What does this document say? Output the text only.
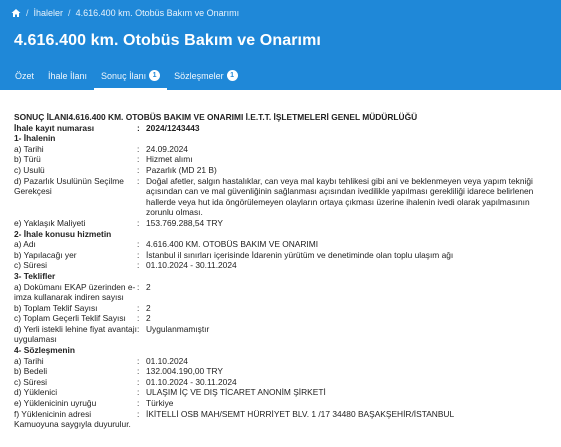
/ İhaleler / 4.616.400 km. Otobüs Bakım ve Onarımı
4.616.400 km. Otobüs Bakım ve Onarımı
Özet İhale İlanı Sonuç İlanı 1	Sözleşmeler 1
SONUÇ İLANI4.616.400 KM. OTOBÜS BAKIM VE ONARIMI İ.E.T.T. İŞLETMELERİ GENEL MÜDÜRLÜĞÜ
İhale kayıt numarası	: 2024/1243443
1- İhalenin
a) Tarihi	: 24.09.2024
b) Türü	: Hizmet alımı
c) Usulü	: Pazarlık (MD 21 B)
d) Pazarlık Usulünün Seçilme Gerekçesi
: Doğal afetler, salgın hastalıklar, can veya mal kaybı tehlikesi gibi ani ve beklenmeyen veya yapım tekniği açısından can ve mal güvenliğinin sağlanması açısından ivedilikle yapılması gerekliliği idarece belirlenen hallerde veya hut ida öngörülemeyen olayların ortaya çıkması üzerine ihalenin ivedi olarak yapılmasının zorunlu olması.
e) Yaklaşık Maliyeti	: 153.769.288,54 TRY
2- İhale konusu hizmetin
a) Adı	: 4.616.400 KM. OTOBÜS BAKIM VE ONARIMI
b) Yapılacağı yer	: İstanbul il sınırları içerisinde İdarenin yürütüm ve denetiminde olan toplu ulaşım ağı
c) Süresi	: 01.10.2024 - 30.11.2024
3- Teklifler
a) Dokümanı EKAP üzerinden e-imza kullanarak indiren sayısı
: 2
b) Toplam Teklif Sayısı	: 2
c) Toplam Geçerli Teklif Sayısı	: 2
d) Yerli istekli lehine fiyat avantajı uygulaması
: Uygulanmamıştır
4- Sözleşmenin
a) Tarihi	: 01.10.2024
b) Bedeli	: 132.004.190,00 TRY
c) Süresi	: 01.10.2024 - 30.11.2024
d) Yüklenici	: ULAŞIM İÇ VE DIŞ TİCARET ANONİM ŞİRKETİ
e) Yüklenicinin uyruğu	: Türkiye
f) Yüklenicinin adresi	: İKİTELLİ OSB MAH/SEMT HÜRRİYET BLV. 1 /17 34480 BAŞAKŞEHİR/İSTANBUL
Kamuoyuna saygıyla duyurulur.
